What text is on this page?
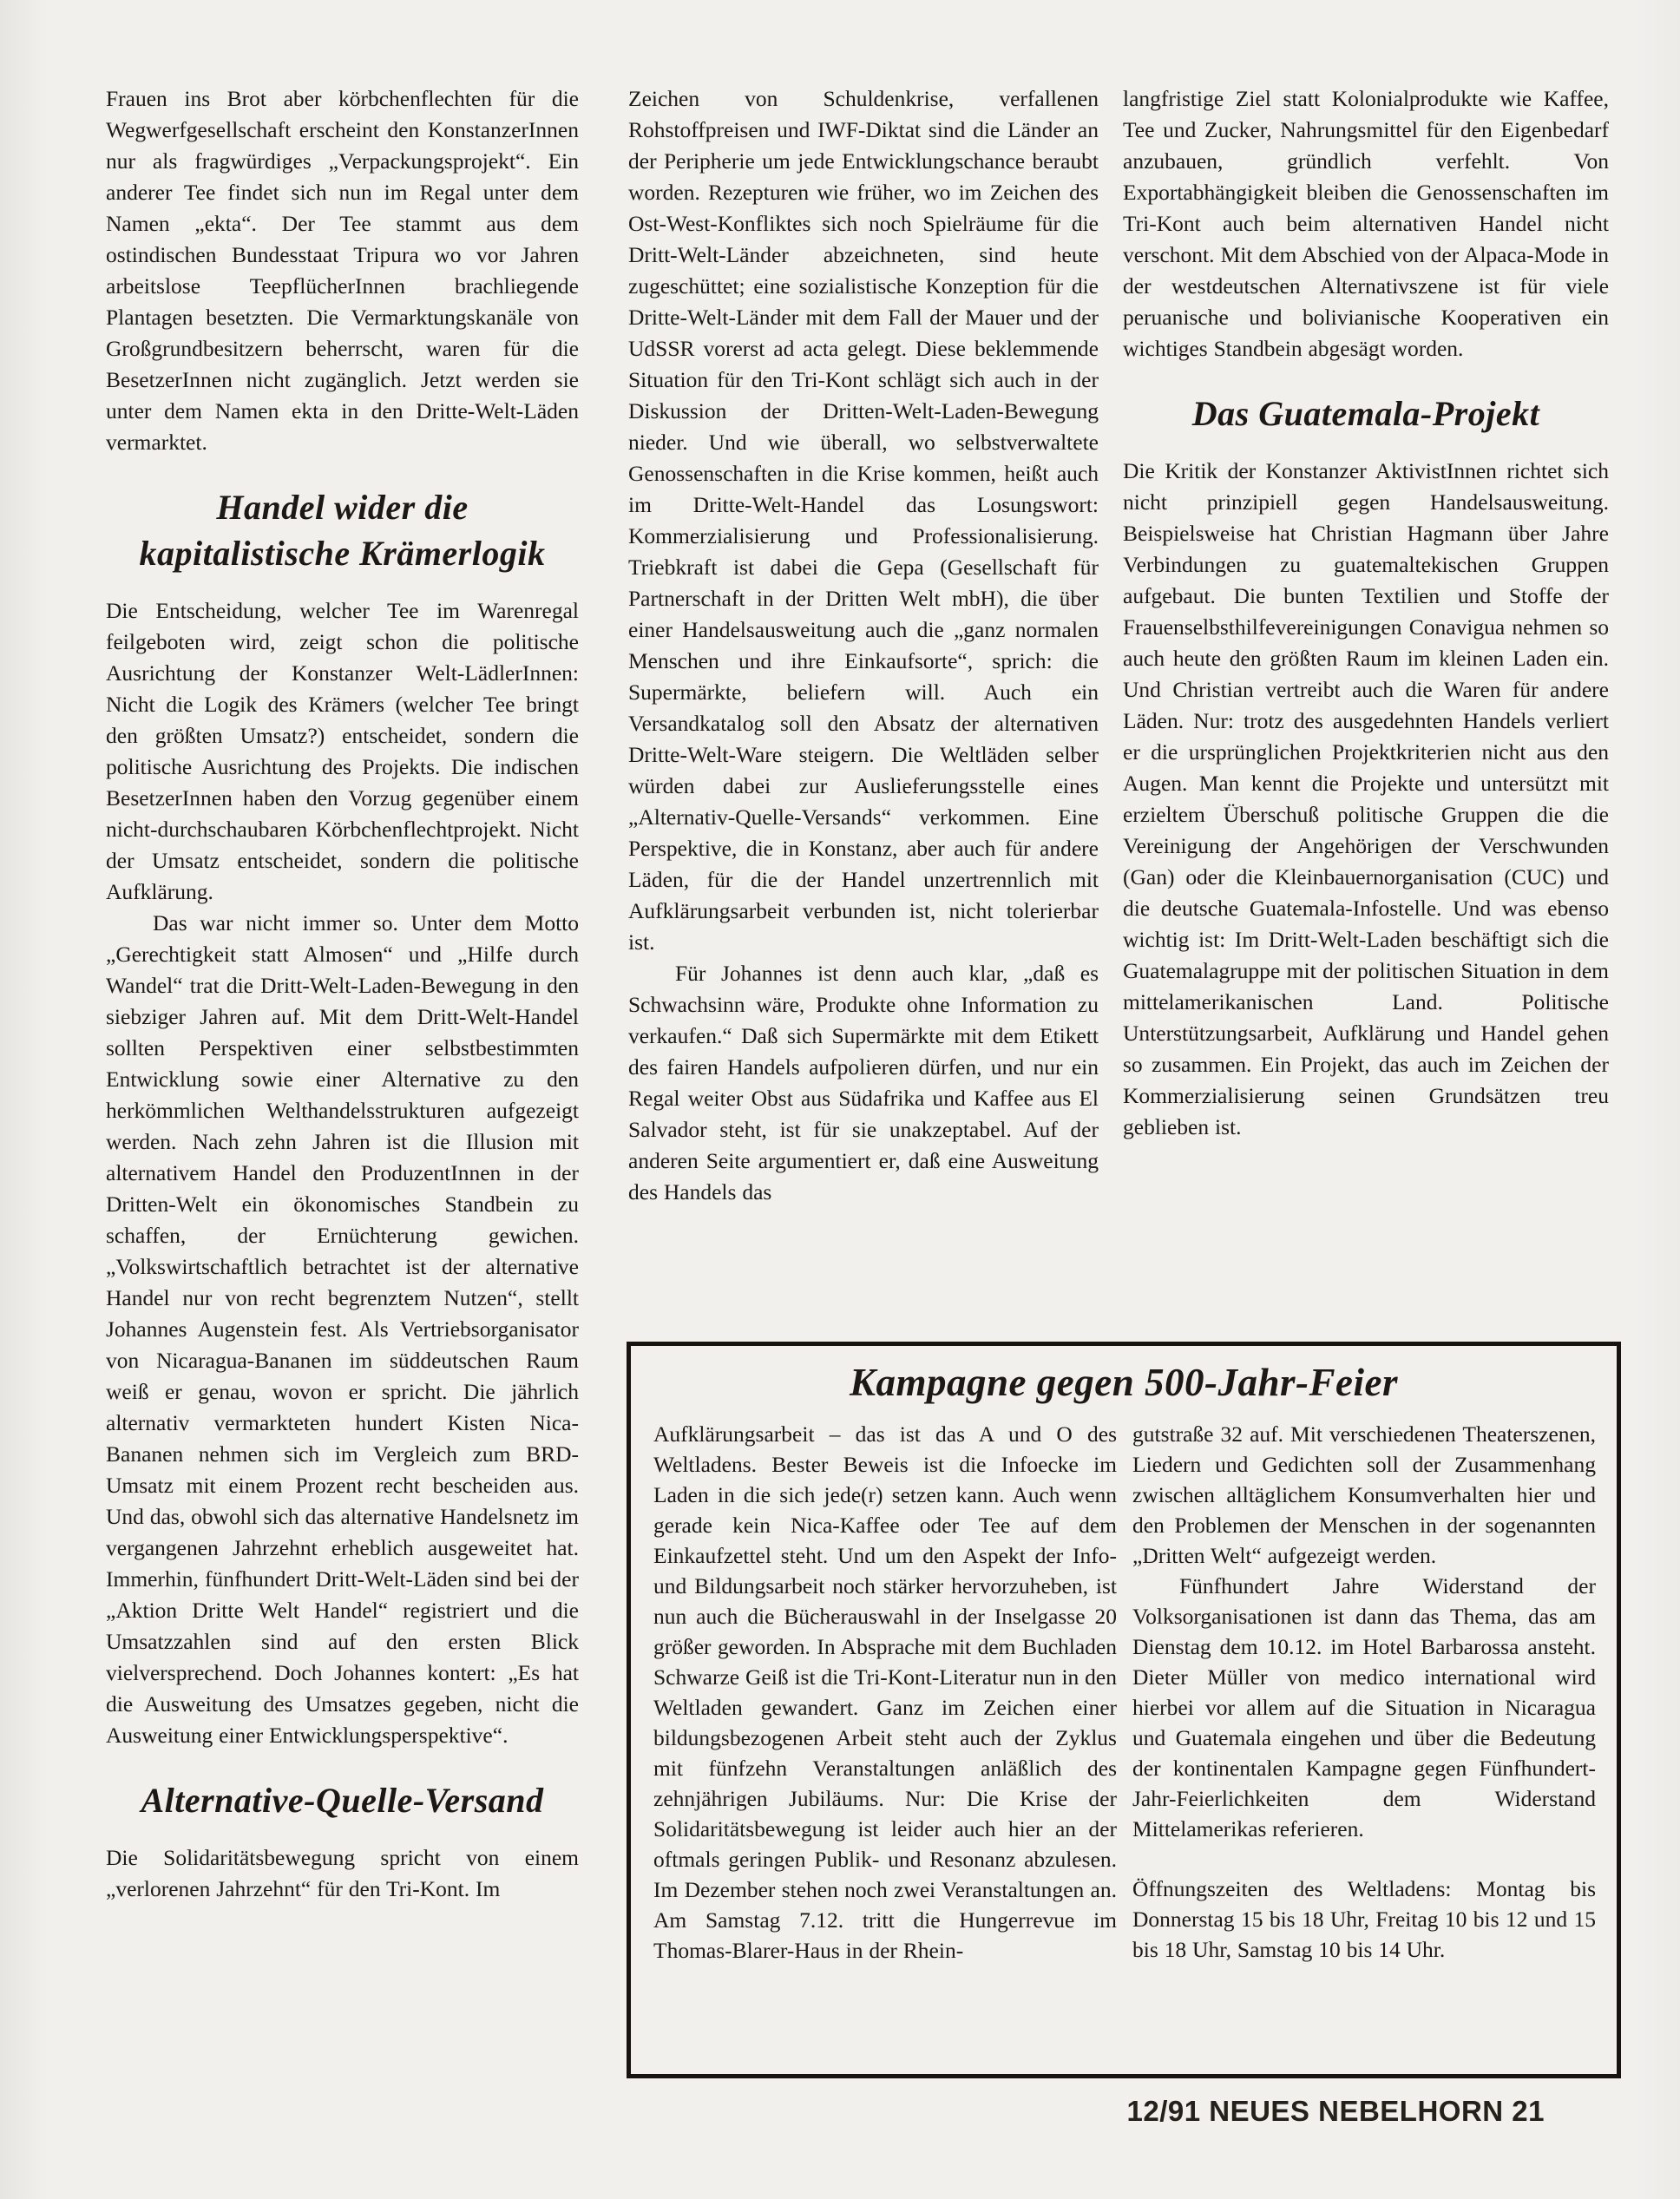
Frauen ins Brot aber körbchenflechten für die Wegwerfgesellschaft erscheint den KonstanzerInnen nur als fragwürdiges „Verpackungsprojekt“. Ein anderer Tee findet sich nun im Regal unter dem Namen „ekta“. Der Tee stammt aus dem ostindischen Bundesstaat Tripura wo vor Jahren arbeitslose TeepflücherInnen brachliegende Plantagen besetzten. Die Vermarktungskanäle von Großgrundbesitzern beherrscht, waren für die BesetzerInnen nicht zugänglich. Jetzt werden sie unter dem Namen ekta in den Dritte-Welt-Läden vermarktet.

Handel wider die
kapitalistische Krämerlogik

Die Entscheidung, welcher Tee im Warenregal feilgeboten wird, zeigt schon die politische Ausrichtung der Konstanzer Welt-LädlerInnen: Nicht die Logik des Krämers (welcher Tee bringt den größten Umsatz?) entscheidet, sondern die politische Ausrichtung des Projekts. Die indischen BesetzerInnen haben den Vorzug gegenüber einem nicht-durchschaubaren Körbchenflechtprojekt. Nicht der Umsatz entscheidet, sondern die politische Aufklärung.

Das war nicht immer so. Unter dem Motto „Gerechtigkeit statt Almosen“ und „Hilfe durch Wandel“ trat die Dritt-Welt-Laden-Bewegung in den siebziger Jahren auf. Mit dem Dritt-Welt-Handel sollten Perspektiven einer selbstbestimmten Entwicklung sowie einer Alternative zu den herkömmlichen Welthandelsstrukturen aufgezeigt werden. Nach zehn Jahren ist die Illusion mit alternativem Handel den ProduzentInnen in der Dritten-Welt ein ökonomisches Standbein zu schaffen, der Ernüchterung gewichen. „Volkswirtschaftlich betrachtet ist der alternative Handel nur von recht begrenztem Nutzen“, stellt Johannes Augenstein fest. Als Vertriebsorganisator von Nicaragua-Bananen im süddeutschen Raum weiß er genau, wovon er spricht. Die jährlich alternativ vermarkteten hundert Kisten Nica-Bananen nehmen sich im Vergleich zum BRD-Umsatz mit einem Prozent recht bescheiden aus. Und das, obwohl sich das alternative Handelsnetz im vergangenen Jahrzehnt erheblich ausgeweitet hat. Immerhin, fünfhundert Dritt-Welt-Läden sind bei der „Aktion Dritte Welt Handel“ registriert und die Umsatzzahlen sind auf den ersten Blick vielversprechend. Doch Johannes kontert: „Es hat die Ausweitung des Umsatzes gegeben, nicht die Ausweitung einer Entwicklungsperspektive“.

Alternative-Quelle-Versand

Die Solidaritätsbewegung spricht von einem „verlorenen Jahrzehnt“ für den Tri-Kont. Im

Zeichen von Schuldenkrise, verfallenen Rohstoffpreisen und IWF-Diktat sind die Länder an der Peripherie um jede Entwicklungschance beraubt worden. Rezepturen wie früher, wo im Zeichen des Ost-West-Konfliktes sich noch Spielräume für die Dritt-Welt-Länder abzeichneten, sind heute zugeschüttet; eine sozialistische Konzeption für die Dritte-Welt-Länder mit dem Fall der Mauer und der UdSSR vorerst ad acta gelegt. Diese beklemmende Situation für den Tri-Kont schlägt sich auch in der Diskussion der Dritten-Welt-Laden-Bewegung nieder. Und wie überall, wo selbstverwaltete Genossenschaften in die Krise kommen, heißt auch im Dritte-Welt-Handel das Losungswort: Kommerzialisierung und Professionalisierung. Triebkraft ist dabei die Gepa (Gesellschaft für Partnerschaft in der Dritten Welt mbH), die über einer Handelsausweitung auch die „ganz normalen Menschen und ihre Einkaufsorte“, sprich: die Supermärkte, beliefern will. Auch ein Versandkatalog soll den Absatz der alternativen Dritte-Welt-Ware steigern. Die Weltläden selber würden dabei zur Auslieferungsstelle eines „Alternativ-Quelle-Versands“ verkommen. Eine Perspektive, die in Konstanz, aber auch für andere Läden, für die der Handel unzertrennlich mit Aufklärungsarbeit verbunden ist, nicht tolerierbar ist.

Für Johannes ist denn auch klar, „daß es Schwachsinn wäre, Produkte ohne Information zu verkaufen.“ Daß sich Supermärkte mit dem Etikett des fairen Handels aufpolieren dürfen, und nur ein Regal weiter Obst aus Südafrika und Kaffee aus El Salvador steht, ist für sie unakzeptabel. Auf der anderen Seite argumentiert er, daß eine Ausweitung des Handels das

langfristige Ziel statt Kolonialprodukte wie Kaffee, Tee und Zucker, Nahrungsmittel für den Eigenbedarf anzubauen, gründlich verfehlt. Von Exportabhängigkeit bleiben die Genossenschaften im Tri-Kont auch beim alternativen Handel nicht verschont. Mit dem Abschied von der Alpaca-Mode in der westdeutschen Alternativszene ist für viele peruanische und bolivianische Kooperativen ein wichtiges Standbein abgesägt worden.

Das Guatemala-Projekt

Die Kritik der Konstanzer AktivistInnen richtet sich nicht prinzipiell gegen Handelsausweitung. Beispielsweise hat Christian Hagmann über Jahre Verbindungen zu guatemaltekischen Gruppen aufgebaut. Die bunten Textilien und Stoffe der Frauenselbsthilfevereinigungen Conavigua nehmen so auch heute den größten Raum im kleinen Laden ein. Und Christian vertreibt auch die Waren für andere Läden. Nur: trotz des ausgedehnten Handels verliert er die ursprünglichen Projektkriterien nicht aus den Augen. Man kennt die Projekte und untersützt mit erzieltem Überschuß politische Gruppen die die Vereinigung der Angehörigen der Verschwunden (Gan) oder die Kleinbauernorganisation (CUC) und die deutsche Guatemala-Infostelle. Und was ebenso wichtig ist: Im Dritt-Welt-Laden beschäftigt sich die Guatemalagruppe mit der politischen Situation in dem mittelamerikanischen Land. Politische Unterstützungsarbeit, Aufklärung und Handel gehen so zusammen. Ein Projekt, das auch im Zeichen der Kommerzialisierung seinen Grundsätzen treu geblieben ist.

Kampagne gegen 500-Jahr-Feier

Aufklärungsarbeit – das ist das A und O des Weltladens. Bester Beweis ist die Infoecke im Laden in die sich jede(r) setzen kann. Auch wenn gerade kein Nica-Kaffee oder Tee auf dem Einkaufzettel steht. Und um den Aspekt der Info- und Bildungsarbeit noch stärker hervorzuheben, ist nun auch die Bücherauswahl in der Inselgasse 20 größer geworden. In Absprache mit dem Buchladen Schwarze Geiß ist die Tri-Kont-Literatur nun in den Weltladen gewandert. Ganz im Zeichen einer bildungsbezogenen Arbeit steht auch der Zyklus mit fünfzehn Veranstaltungen anläßlich des zehnjährigen Jubiläums. Nur: Die Krise der Solidaritätsbewegung ist leider auch hier an der oftmals geringen Publik- und Resonanz abzulesen. Im Dezember stehen noch zwei Veranstaltungen an. Am Samstag 7.12. tritt die Hungerrevue im Thomas-Blarer-Haus in der Rhein-

gutstraße 32 auf. Mit verschiedenen Theaterszenen, Liedern und Gedichten soll der Zusammenhang zwischen alltäglichem Konsumverhalten hier und den Problemen der Menschen in der sogenannten „Dritten Welt“ aufgezeigt werden.

Fünfhundert Jahre Widerstand der Volksorganisationen ist dann das Thema, das am Dienstag dem 10.12. im Hotel Barbarossa ansteht. Dieter Müller von medico international wird hierbei vor allem auf die Situation in Nicaragua und Guatemala eingehen und über die Bedeutung der kontinentalen Kampagne gegen Fünfhundert-Jahr-Feierlichkeiten dem Widerstand Mittelamerikas referieren.

Öffnungszeiten des Weltladens: Montag bis Donnerstag 15 bis 18 Uhr, Freitag 10 bis 12 und 15 bis 18 Uhr, Samstag 10 bis 14 Uhr.

12/91 NEUES NEBELHORN 21
